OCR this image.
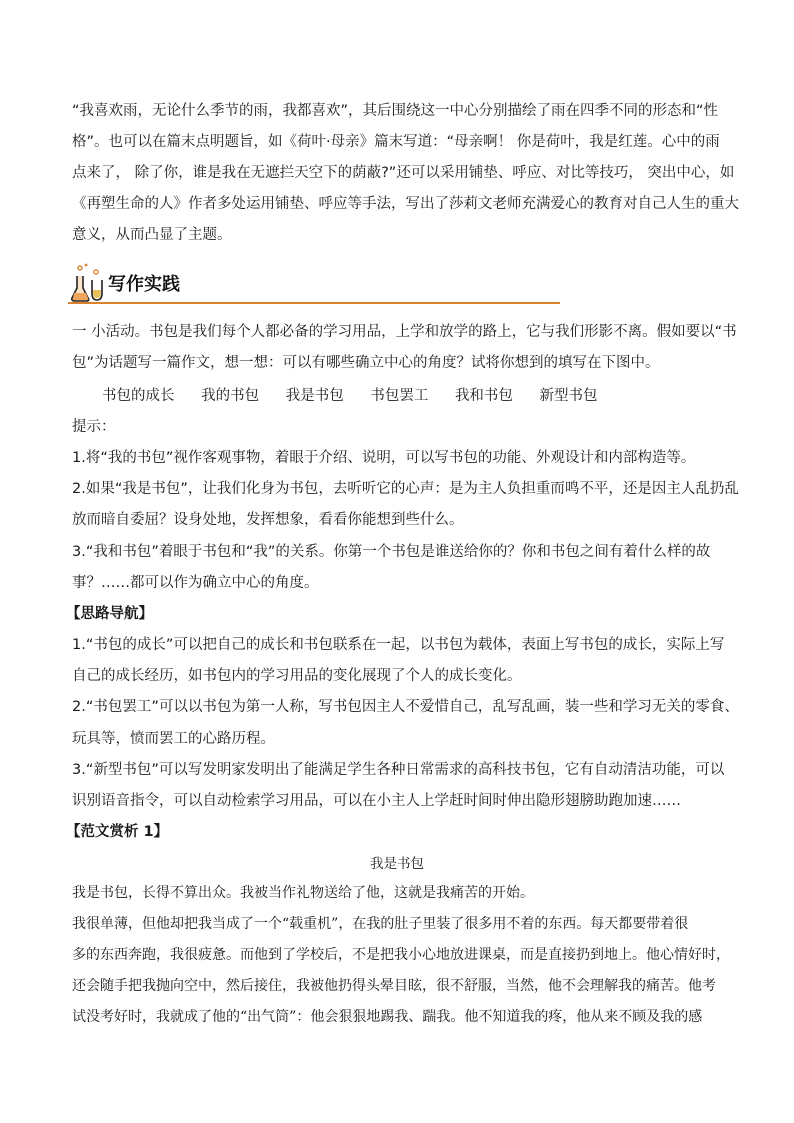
“我喜欢雨，无论什么季节的雨，我都喜欢”，其后围绕这一中心分别描绘了雨在四季不同的形态和“性
格”。也可以在篇末点明题旨，如《荷叶·母亲》篇末写道：“母亲啊！ 你是荷叶，我是红莲。心中的雨
点来了， 除了你，谁是我在无遮拦天空下的荫蔽?”还可以采用铺垫、呼应、对比等技巧， 突出中心，如
《再塑生命的人》作者多处运用铺垫、呼应等手法，写出了莎莉文老师充满爱心的教育对自己人生的重大
意义，从而凸显了主题。

写作实践
一 小活动。书包是我们每个人都必备的学习用品，上学和放学的路上，它与我们形影不离。假如要以“书
包”为话题写一篇作文，想一想：可以有哪些确立中心的角度？试将你想到的填写在下图中。
书包的成长 我的书包 我是书包 书包罢工 我和书包 新型书包
提示：
1.将“我的书包”视作客观事物，着眼于介绍、说明，可以写书包的功能、外观设计和内部构造等。
2.如果“我是书包”，让我们化身为书包，去听听它的心声：是为主人负担重而鸣不平，还是因主人乱扔乱
放而暗自委屈？设身处地，发挥想象，看看你能想到些什么。
3.“我和书包”着眼于书包和“我”的关系。你第一个书包是谁送给你的？你和书包之间有着什么样的故
事？……都可以作为确立中心的角度。
【思路导航】
1.“书包的成长”可以把自己的成长和书包联系在一起，以书包为载体，表面上写书包的成长，实际上写
自己的成长经历，如书包内的学习用品的变化展现了个人的成长变化。
2.“书包罢工”可以以书包为第一人称，写书包因主人不爱惜自己，乱写乱画，装一些和学习无关的零食、
玩具等，愤而罢工的心路历程。
3.“新型书包”可以写发明家发明出了能满足学生各种日常需求的高科技书包，它有自动清洁功能，可以
识别语音指令，可以自动检索学习用品，可以在小主人上学赶时间时伸出隐形翅膀助跑加速……
【范文赏析 1】
我是书包
我是书包，长得不算出众。我被当作礼物送给了他，这就是我痛苦的开始。
我很单薄，但他却把我当成了一个“载重机”，在我的肚子里装了很多用不着的东西。每天都要带着很
多的东西奔跑，我很疲惫。而他到了学校后，不是把我小心地放进课桌，而是直接扔到地上。他心情好时，
还会随手把我抛向空中，然后接住，我被他扔得头晕目眩，很不舒服，当然，他不会理解我的痛苦。他考
试没考好时，我就成了他的“出气筒”：他会狠狠地踢我、踹我。他不知道我的疼，他从来不顾及我的感
